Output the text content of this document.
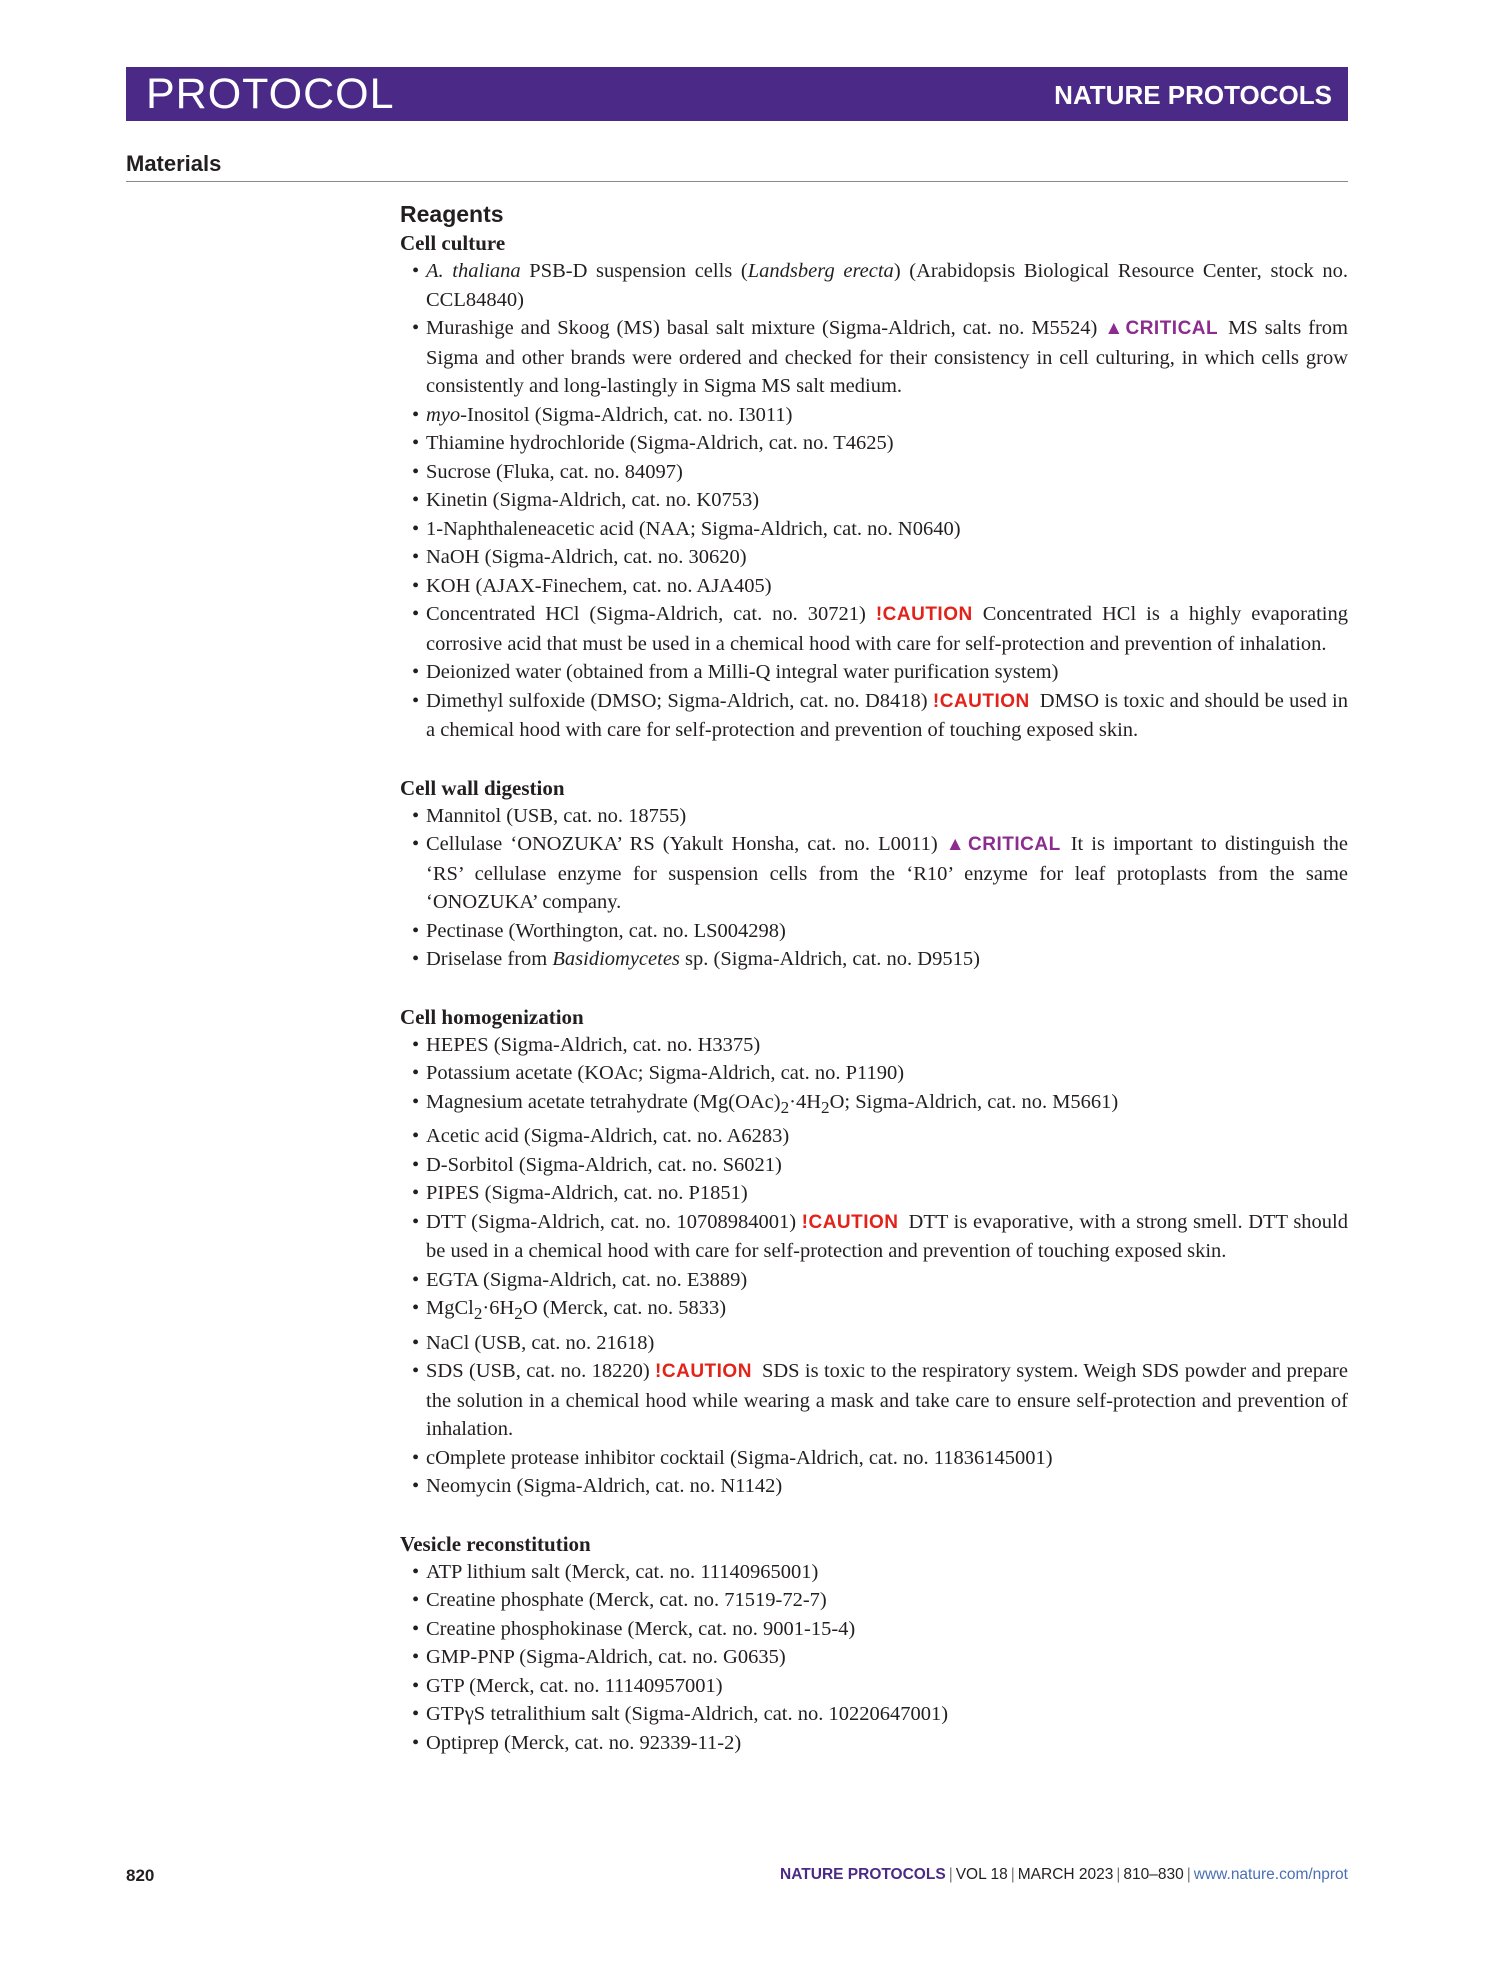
PROTOCOL	NATURE PROTOCOLS
Materials

Reagents

Cell culture

• A. thaliana PSB-D suspension cells (Landsberg erecta) (Arabidopsis Biological Resource Center, stock no. CCL84840)
• Murashige and Skoog (MS) basal salt mixture (Sigma-Aldrich, cat. no. M5524) ▲CRITICAL MS salts from Sigma and other brands were ordered and checked for their consistency in cell culturing, in which cells grow consistently and long-lastingly in Sigma MS salt medium.
• myo-Inositol (Sigma-Aldrich, cat. no. I3011)
• Thiamine hydrochloride (Sigma-Aldrich, cat. no. T4625)
• Sucrose (Fluka, cat. no. 84097)
• Kinetin (Sigma-Aldrich, cat. no. K0753)
• 1-Naphthaleneacetic acid (NAA; Sigma-Aldrich, cat. no. N0640)
• NaOH (Sigma-Aldrich, cat. no. 30620)
• KOH (AJAX-Finechem, cat. no. AJA405)
• Concentrated HCl (Sigma-Aldrich, cat. no. 30721) !CAUTION Concentrated HCl is a highly evaporating corrosive acid that must be used in a chemical hood with care for self-protection and prevention of inhalation.
• Deionized water (obtained from a Milli-Q integral water purification system)
• Dimethyl sulfoxide (DMSO; Sigma-Aldrich, cat. no. D8418) !CAUTION DMSO is toxic and should be used in a chemical hood with care for self-protection and prevention of touching exposed skin.

Cell wall digestion

• Mannitol (USB, cat. no. 18755)
• Cellulase ‘ONOZUKA’ RS (Yakult Honsha, cat. no. L0011) ▲CRITICAL It is important to distinguish the ‘RS’ cellulase enzyme for suspension cells from the ‘R10’ enzyme for leaf protoplasts from the same ‘ONOZUKA’ company.
• Pectinase (Worthington, cat. no. LS004298)
• Driselase from Basidiomycetes sp. (Sigma-Aldrich, cat. no. D9515)

Cell homogenization

• HEPES (Sigma-Aldrich, cat. no. H3375)
• Potassium acetate (KOAc; Sigma-Aldrich, cat. no. P1190)
• Magnesium acetate tetrahydrate ($Mg(OAc)_2\cdot 4H_2O$; Sigma-Aldrich, cat. no. M5661)
• Acetic acid (Sigma-Aldrich, cat. no. A6283)
• D-Sorbitol (Sigma-Aldrich, cat. no. S6021)
• PIPES (Sigma-Aldrich, cat. no. P1851)
• DTT (Sigma-Aldrich, cat. no. 10708984001) !CAUTION DTT is evaporative, with a strong smell. DTT should be used in a chemical hood with care for self-protection and prevention of touching exposed skin.
• EGTA (Sigma-Aldrich, cat. no. E3889)
• $MgCl_2\cdot 6H_2O$ (Merck, cat. no. 5833)
• NaCl (USB, cat. no. 21618)
• SDS (USB, cat. no. 18220) !CAUTION SDS is toxic to the respiratory system. Weigh SDS powder and prepare the solution in a chemical hood while wearing a mask and take care to ensure self-protection and prevention of inhalation.
• cOmplete protease inhibitor cocktail (Sigma-Aldrich, cat. no. 11836145001)
• Neomycin (Sigma-Aldrich, cat. no. N1142)

Vesicle reconstitution

• ATP lithium salt (Merck, cat. no. 11140965001)
• Creatine phosphate (Merck, cat. no. 71519-72-7)
• Creatine phosphokinase (Merck, cat. no. 9001-15-4)
• GMP-PNP (Sigma-Aldrich, cat. no. G0635)
• GTP (Merck, cat. no. 11140957001)
• GTPγS tetralithium salt (Sigma-Aldrich, cat. no. 10220647001)
• Optiprep (Merck, cat. no. 92339-11-2)
820	NATURE PROTOCOLS | VOL 18 | MARCH 2023 | 810–830 | www.nature.com/nprot
